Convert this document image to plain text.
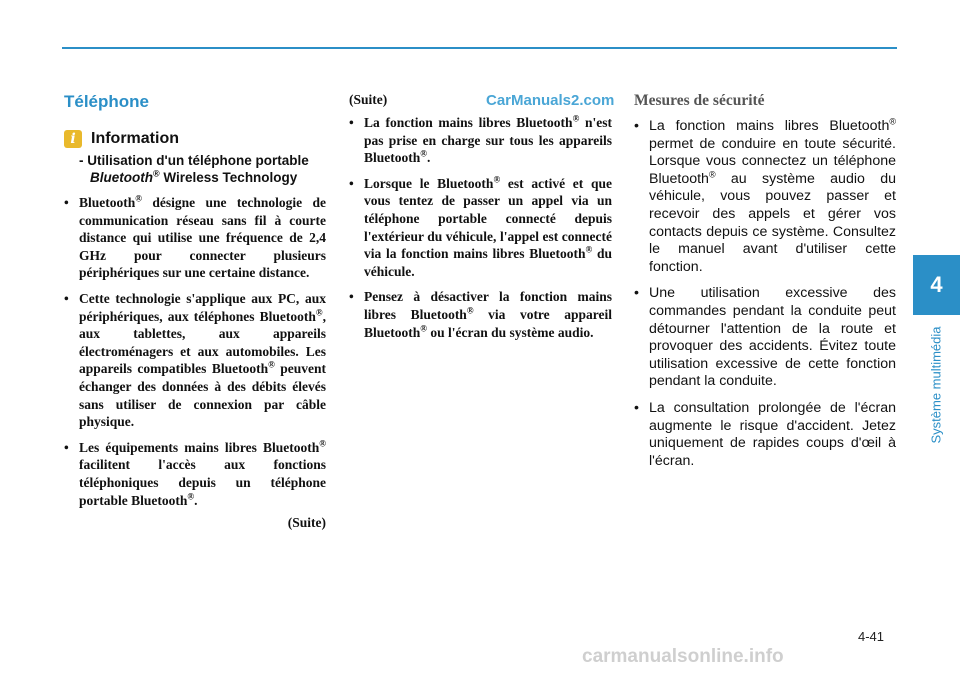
CarManuals2.com
4
Système multimédia
Téléphone
i Information
- Utilisation d'un téléphone portable Bluetooth® Wireless Technology
• Bluetooth® désigne une technologie de communication réseau sans fil à courte distance qui utilise une fréquence de 2,4 GHz pour connecter plusieurs périphériques sur une certaine distance.
• Cette technologie s'applique aux PC, aux périphériques, aux téléphones Bluetooth®, aux tablettes, aux appareils électroménagers et aux automobiles. Les appareils compatibles Bluetooth® peuvent échanger des données à des débits élevés sans utiliser de connexion par câble physique.
• Les équipements mains libres Bluetooth® facilitent l'accès aux fonctions téléphoniques depuis un téléphone portable Bluetooth®.
(Suite)
(Suite)
• La fonction mains libres Bluetooth® n'est pas prise en charge sur tous les appareils Bluetooth®.
• Lorsque le Bluetooth® est activé et que vous tentez de passer un appel via un téléphone portable connecté depuis l'extérieur du véhicule, l'appel est connecté via la fonction mains libres Bluetooth® du véhicule.
• Pensez à désactiver la fonction mains libres Bluetooth® via votre appareil Bluetooth® ou l'écran du système audio.
Mesures de sécurité
• La fonction mains libres Bluetooth® permet de conduire en toute sécurité. Lorsque vous connectez un téléphone Bluetooth® au système audio du véhicule, vous pouvez passer et recevoir des appels et gérer vos contacts depuis ce système. Consultez le manuel avant d'utiliser cette fonction.
• Une utilisation excessive des commandes pendant la conduite peut détourner l'attention de la route et provoquer des accidents. Évitez toute utilisation excessive de cette fonction pendant la conduite.
• La consultation prolongée de l'écran augmente le risque d'accident. Jetez uniquement de rapides coups d'œil à l'écran.
4-41
carmanualsonline.info
